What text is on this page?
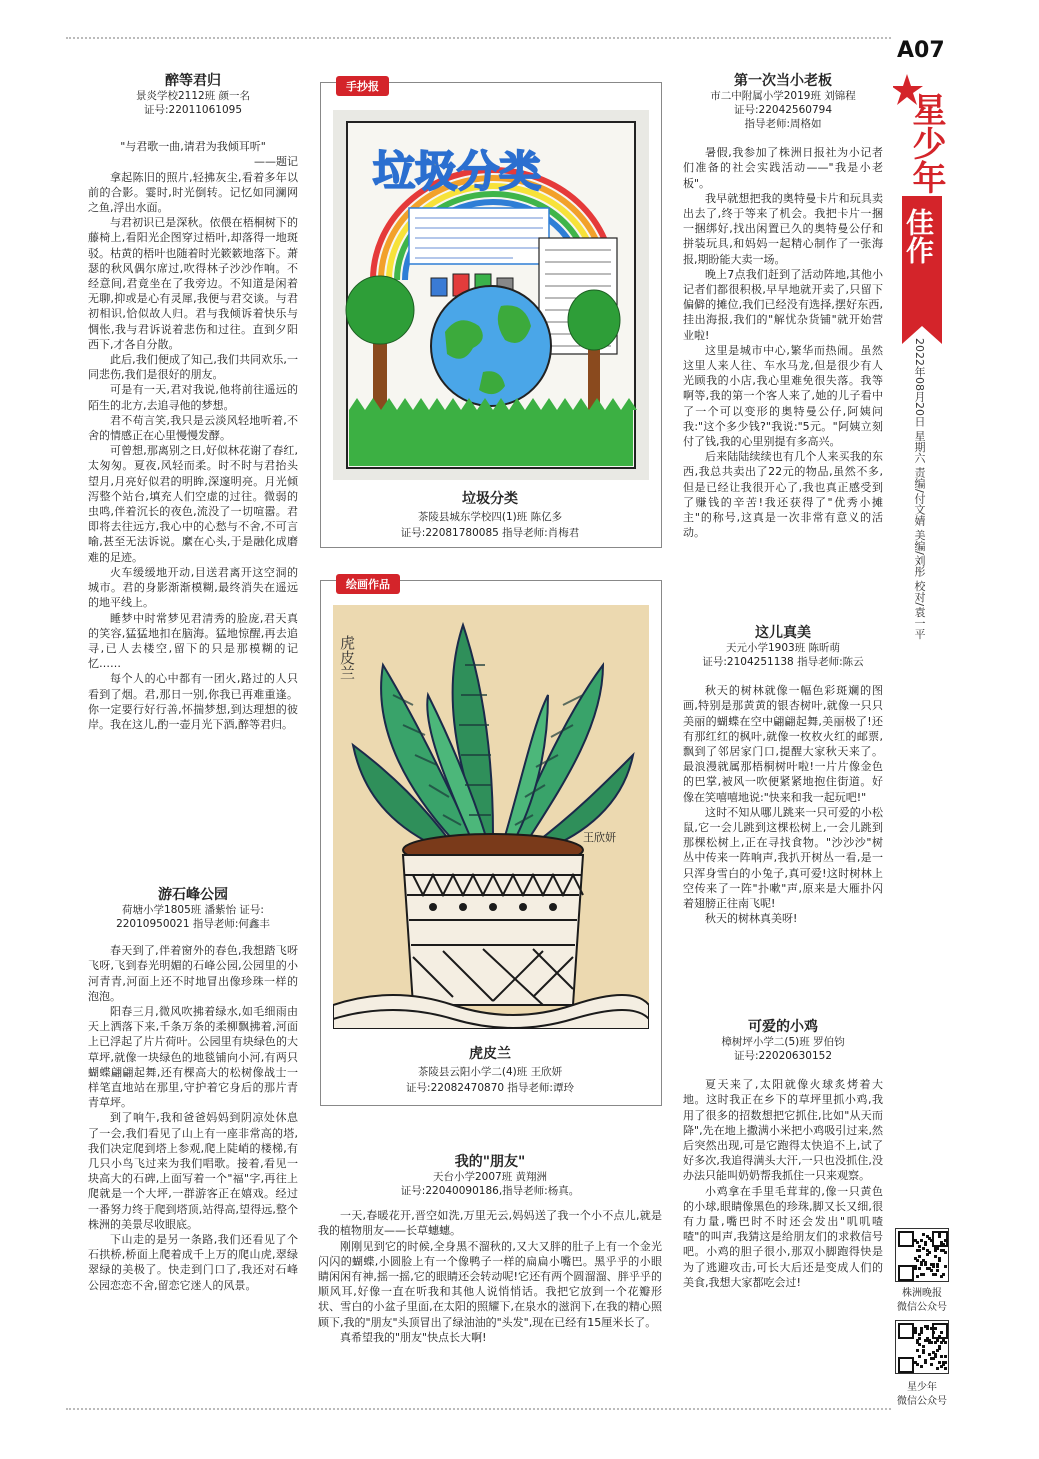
醉等君归

景炎学校2112班 颜一名

证号:22011061095

"与君歌一曲,请君为我倾耳听"

——题记

拿起陈旧的照片,轻拂灰尘,看着多年以前的合影。霎时,时光倒转。记忆如同澜网之鱼,浮出水面。

与君初识已是深秋。依偎在梧桐树下的藤椅上,看阳光企图穿过梧叶,却落得一地斑驳。枯黄的梧叶也随着时光簌簌地落下。萧瑟的秋风偶尔席过,吹得林子沙沙作响。不经意间,君竟坐在了我旁边。不知道是闲着无聊,抑或是心有灵犀,我便与君交谈。与君初相识,恰似故人归。君与我倾诉着快乐与惆怅,我与君诉说着悲伤和过往。直到夕阳西下,才各自分散。

此后,我们便成了知己,我们共同欢乐,一同悲伤,我们是很好的朋友。

可是有一天,君对我说,他将前往遥远的陌生的北方,去追寻他的梦想。

君不苟言笑,我只是云淡风轻地听着,不舍的情感正在心里慢慢发酵。

可曾想,那离别之日,好似林花谢了春红,太匆匆。夏夜,风轻而柔。时不时与君抬头望月,月亮好似君的明眸,深邃明亮。月光倾泻整个站台,填充人们空虚的过往。微弱的虫鸣,伴着沉长的夜色,流没了一切喧嚣。君即将去往远方,我心中的心愁与不舍,不可言喻,甚至无法诉说。縻在心头,于是融化成磨难的足迹。

火车缓缓地开动,目送君离开这空洞的城市。君的身影渐渐模糊,最终消失在遥远的地平线上。

睡梦中时常梦见君清秀的脸庞,君天真的笑容,猛猛地扣在脑海。猛地惊醒,再去追寻,已人去楼空,留下的只是那模糊的记忆……

每个人的心中都有一团火,路过的人只看到了烟。君,那日一别,你我已再难重逢。你一定要行好行善,怀揣梦想,到达理想的彼岸。我在这儿,酌一壶月光下酒,醉等君归。

游石峰公园

荷塘小学1805班 潘紫怡 证号:

22010950021 指导老师:何鑫丰

春天到了,伴着窗外的春色,我想踏飞呀飞呀,飞到春光明媚的石峰公园,公园里的小河青青,河面上还不时地冒出像珍珠一样的泡泡。

阳春三月,微风吹拂着绿水,如毛细雨由天上洒落下来,千条万条的柔柳飘拂着,河面上已浮起了片片荷叶。公园里有块绿色的大草坪,就像一块绿色的地毯铺向小河,有两只蝴蝶翩翩起舞,还有棵高大的松树像战士一样笔直地站在那里,守护着它身后的那片青青草坪。

到了响午,我和爸爸妈妈到阴凉处休息了一会,我们看见了山上有一座非常高的塔,我们决定爬到塔上参观,爬上陡峭的楼梯,有几只小鸟飞过来为我们唱歌。接着,看见一块高大的石碑,上面写着一个"福"字,再往上爬就是一个大坪,一群游客正在嬉戏。经过一番努力终于爬到塔顶,站得高,望得远,整个株洲的美景尽收眼底。

下山走的是另一条路,我们还看见了个石拱桥,桥面上爬着成千上万的爬山虎,翠绿翠绿的美极了。快走到门口了,我还对石峰公园恋恋不舍,留恋它迷人的风景。

手抄报
垃圾分类
垃圾分类
茶陵县城东学校四(1)班 陈亿多
证号:22081780085 指导老师:肖梅君
绘画作品
虎皮兰
王欣妍
虎皮兰
茶陵县云阳小学二(4)班 王欣妍
证号:22082470870 指导老师:谭玲
我的"朋友"

天台小学2007班 黄翔洲

证号:22040090186,指导老师:杨真。

一天,春暖花开,晋空如洗,万里无云,妈妈送了我一个小不点儿,就是我的植物朋友——长草蟪蟪。

刚刚见到它的时候,全身黑不溜秋的,又大又胖的肚子上有一个金光闪闪的蝴蝶,小圆脸上有一个像鸭子一样的扁扁小嘴巴。黑乎乎的小眼睛闲闲有神,摇一摇,它的眼睛还会转动呢!它还有两个圆溜溜、胖乎乎的顺风耳,好像一直在听我和其他人说悄悄话。我把它放到一个花瓣形状、雪白的小盆子里面,在太阳的照耀下,在泉水的滋润下,在我的精心照顾下,我的"朋友"头顶冒出了绿油油的"头发",现在已经有15厘米长了。

真希望我的"朋友"快点长大啊!

第一次当小老板

市二中附属小学2019班 刘锦程

证号:22042560794

指导老师:周格如

暑假,我参加了株洲日报社为小记者们准备的社会实践活动——"我是小老板"。

我早就想把我的奥特曼卡片和玩具卖出去了,终于等来了机会。我把卡片一捆一捆绑好,找出闲置已久的奥特曼公仔和拼装玩具,和妈妈一起精心制作了一张海报,期盼能大卖一场。

晚上7点我们赶到了活动阵地,其他小记者们都很积极,早早地就开卖了,只留下偏僻的摊位,我们已经没有选择,摆好东西,挂出海报,我们的"解忧杂货铺"就开始营业啦!

这里是城市中心,繁华而热闹。虽然这里人来人往、车水马龙,但是很少有人光顾我的小店,我心里难免很失落。我等啊等,我的第一个客人来了,她的儿子看中了一个可以变形的奥特曼公仔,阿姨问我:"这个多少钱?"我说:"5元。"阿姨立刻付了钱,我的心里别提有多高兴。

后来陆陆续续也有几个人来买我的东西,我总共卖出了22元的物品,虽然不多,但是已经让我很开心了,我也真正感受到了赚钱的辛苦!我还获得了"优秀小摊主"的称号,这真是一次非常有意义的活动。

这儿真美

天元小学1903班 陈昕萌

证号:2104251138 指导老师:陈云

秋天的树林就像一幅色彩斑斓的图画,特别是那黄黄的银杏树叶,就像一只只美丽的蝴蝶在空中翩翩起舞,美丽极了!还有那红红的枫叶,就像一枚枚火红的邮票,飘到了邻居家门口,提醒大家秋天来了。最浪漫就属那梧桐树叶啦!一片片像金色的巴掌,被风一吹便紧紧地抱住街道。好像在笑嘻嘻地说:"快来和我一起玩吧!"

这时不知从哪儿跳来一只可爱的小松鼠,它一会儿跳到这棵松树上,一会儿跳到那棵松树上,正在寻找食物。"沙沙沙"树丛中传来一阵响声,我扒开树丛一看,是一只浑身雪白的小兔子,真可爱!这时树林上空传来了一阵"扑嗽"声,原来是大雁扑闪着翅膀正往南飞呢!

秋天的树林真美呀!

可爱的小鸡

樟树坪小学二(5)班 罗伯钧

证号:22020630152

夏天来了,太阳就像火球炙烤着大地。这时我正在乡下的草坪里抓小鸡,我用了很多的招数想把它抓住,比如"从天而降",先在地上撒满小米把小鸡吸引过来,然后突然出现,可是它跑得太快追不上,试了好多次,我追得满头大汗,一只也没抓住,没办法只能叫奶奶帮我抓住一只来观察。

小鸡拿在手里毛茸茸的,像一只黄色的小球,眼睛像黑色的珍珠,脚又长又细,很有力量,嘴巴时不时还会发出"叽叽喳喳"的叫声,我猜这是给朋友们的求救信号吧。小鸡的胆子很小,那双小脚跑得快是为了逃避攻击,可长大后还是变成人们的美食,我想大家都吃会过!

A07
星少年
佳作
2022年08月20日 星期六 责编/付文婧 美编/刘彤 校对/袁一平
株洲晚报
微信公众号
星少年
微信公众号
